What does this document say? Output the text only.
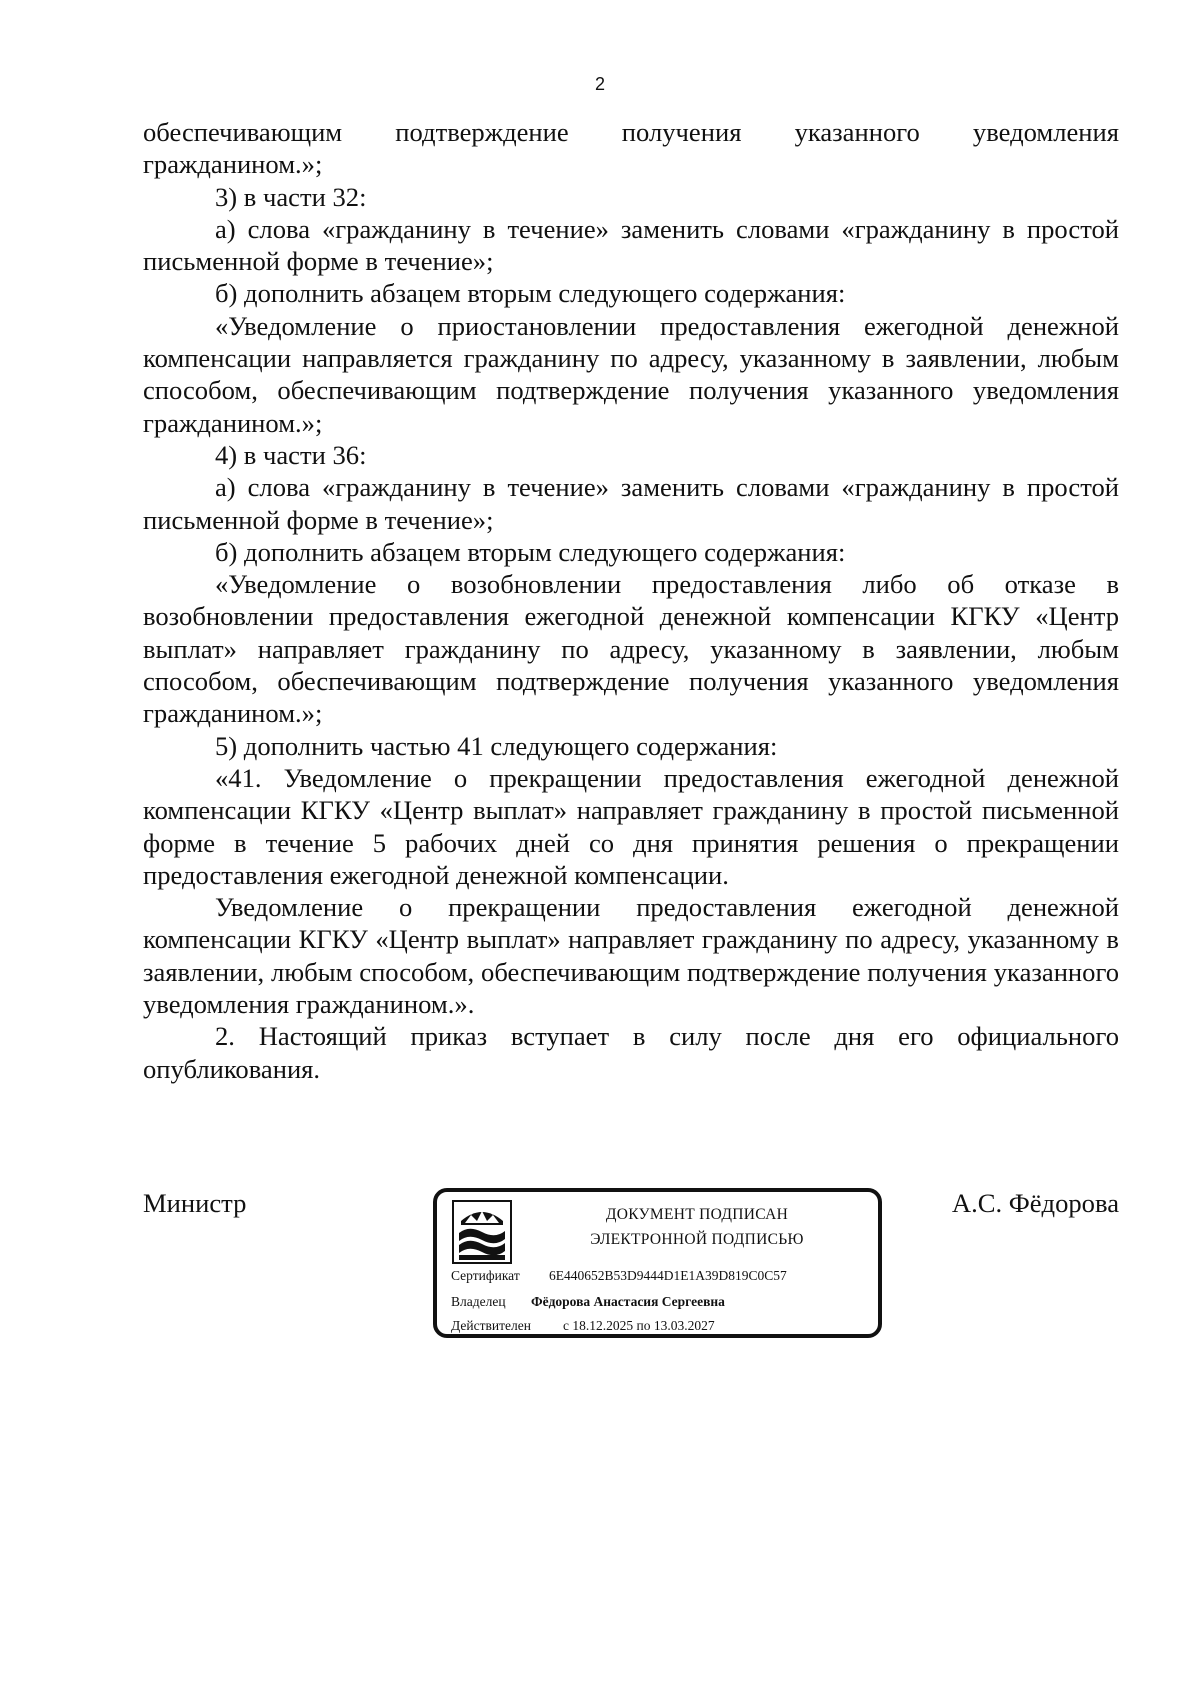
2

обеспечивающим подтверждение получения указанного уведомления гражданином.»;

3) в части 32:

а) слова «гражданину в течение» заменить словами «гражданину в простой письменной форме в течение»;

б) дополнить абзацем вторым следующего содержания:

«Уведомление о приостановлении предоставления ежегодной денежной компенсации направляется гражданину по адресу, указанному в заявлении, любым способом, обеспечивающим подтверждение получения указанного уведомления гражданином.»;

4) в части 36:

а) слова «гражданину в течение» заменить словами «гражданину в простой письменной форме в течение»;

б) дополнить абзацем вторым следующего содержания:

«Уведомление о возобновлении предоставления либо об отказе в возобновлении предоставления ежегодной денежной компенсации КГКУ «Центр выплат» направляет гражданину по адресу, указанному в заявлении, любым способом, обеспечивающим подтверждение получения указанного уведомления гражданином.»;

5) дополнить частью 41 следующего содержания:

«41. Уведомление о прекращении предоставления ежегодной денежной компенсации КГКУ «Центр выплат» направляет гражданину в простой письменной форме в течение 5 рабочих дней со дня принятия решения о прекращении предоставления ежегодной денежной компенсации.

Уведомление о прекращении предоставления ежегодной денежной компенсации КГКУ «Центр выплат» направляет гражданину по адресу, указанному в заявлении, любым способом, обеспечивающим подтверждение получения указанного уведомления гражданином.».

2. Настоящий приказ вступает в силу после дня его официального опубликования.

Министр	ДОКУМЕНТ ПОДПИСАН
ЭЛЕКТРОННОЙ ПОДПИСЬЮ
Сертификат 6E440652B53D9444D1E1A39D819C0C57
Владелец Фёдорова Анастасия Сергеевна
Действителен с 18.12.2025 по 13.03.2027
А.С. Фёдорова
